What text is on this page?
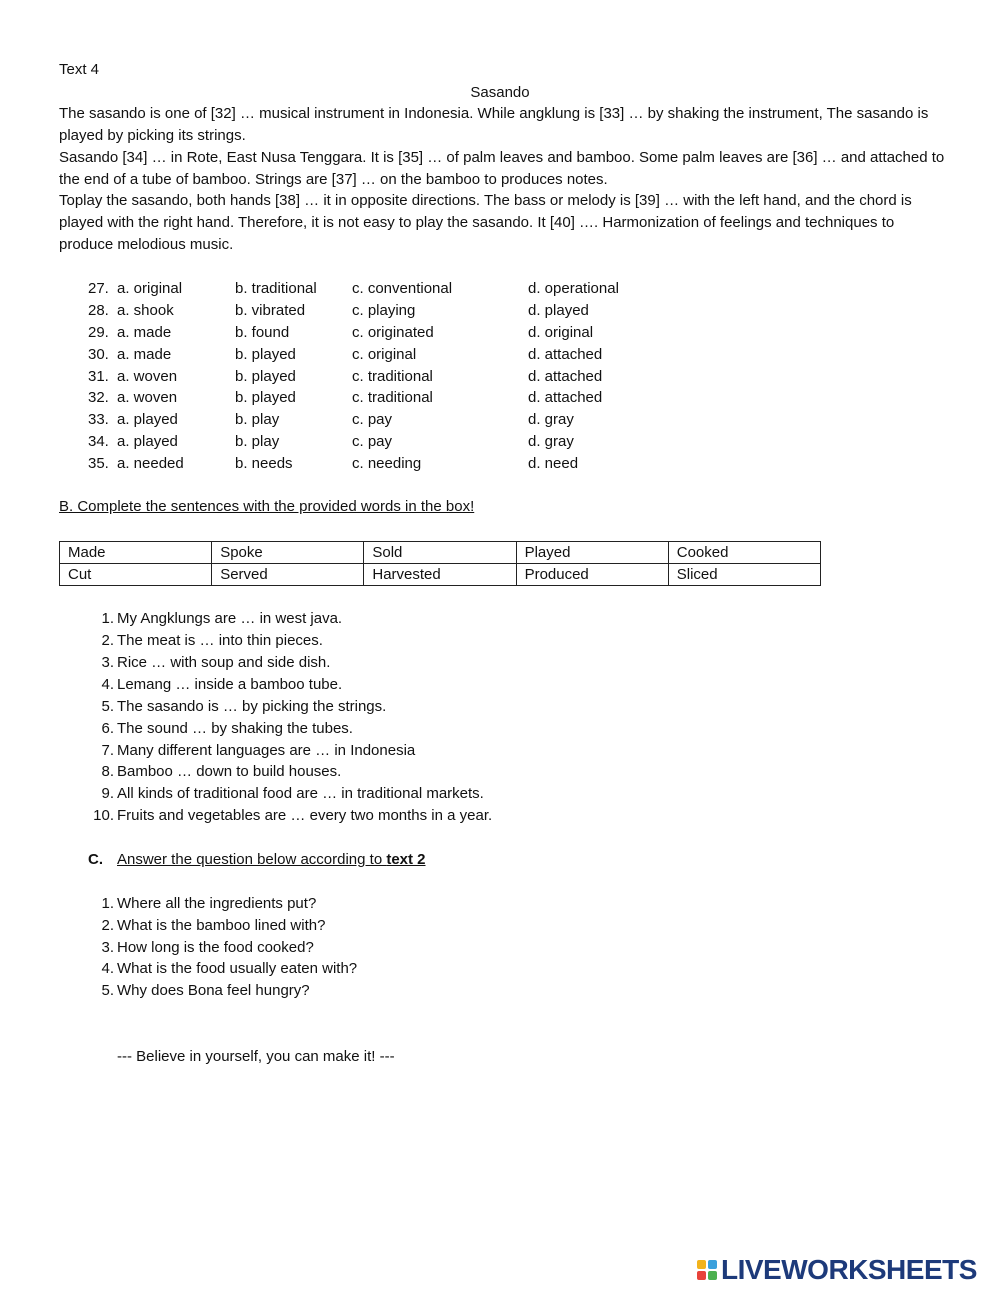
Text 4
Sasando
The sasando is one of [32] … musical instrument in Indonesia. While angklung is [33] … by shaking the instrument, The sasando is played by picking its strings.
Sasando [34] … in Rote, East Nusa Tenggara. It is [35] … of palm leaves and bamboo. Some palm leaves are [36] … and attached to the end of a tube of bamboo. Strings are [37] … on the bamboo to produces notes.
Toplay the sasando, both hands [38] … it in opposite directions. The bass or melody is [39] … with the left hand, and the chord is played with the right hand. Therefore, it is not easy to play the sasando. It [40] …. Harmonization of feelings and techniques to produce melodious music.
27. a. original	b. traditional c. conventional	d. operational
28. a. shook	b. vibrated	c. playing	d. played
29. a. made	b. found	c. originated	d. original
30. a. made	b. played	c. original	d. attached
31. a. woven	b. played	c. traditional	d. attached
32. a. woven	b. played	c. traditional	d. attached
33. a. played	b. play	c. pay	d. gray
34. a. played	b. play	c. pay	d. gray
35. a. needed	b. needs	c. needing	d. need
B. Complete the sentences with the provided words in the box!
Made	Spoke	Sold	Played	Cooked
Cut	Served	Harvested	Produced	Sliced
1. My Angklungs are … in west java.
2. The meat is … into thin pieces.
3. Rice … with soup and side dish.
4. Lemang … inside a bamboo tube.
5. The sasando is … by picking the strings.
6. The sound … by shaking the tubes.
7. Many different languages are … in Indonesia
8. Bamboo … down to build houses.
9. All kinds of traditional food are … in traditional markets.
10. Fruits and vegetables are … every two months in a year.
C. Answer the question below according to text 2
1. Where all the ingredients put?
2. What is the bamboo lined with?
3. How long is the food cooked?
4. What is the food usually eaten with?
5. Why does Bona feel hungry?
--- Believe in yourself, you can make it! ---
LIVEWORKSHEETS
